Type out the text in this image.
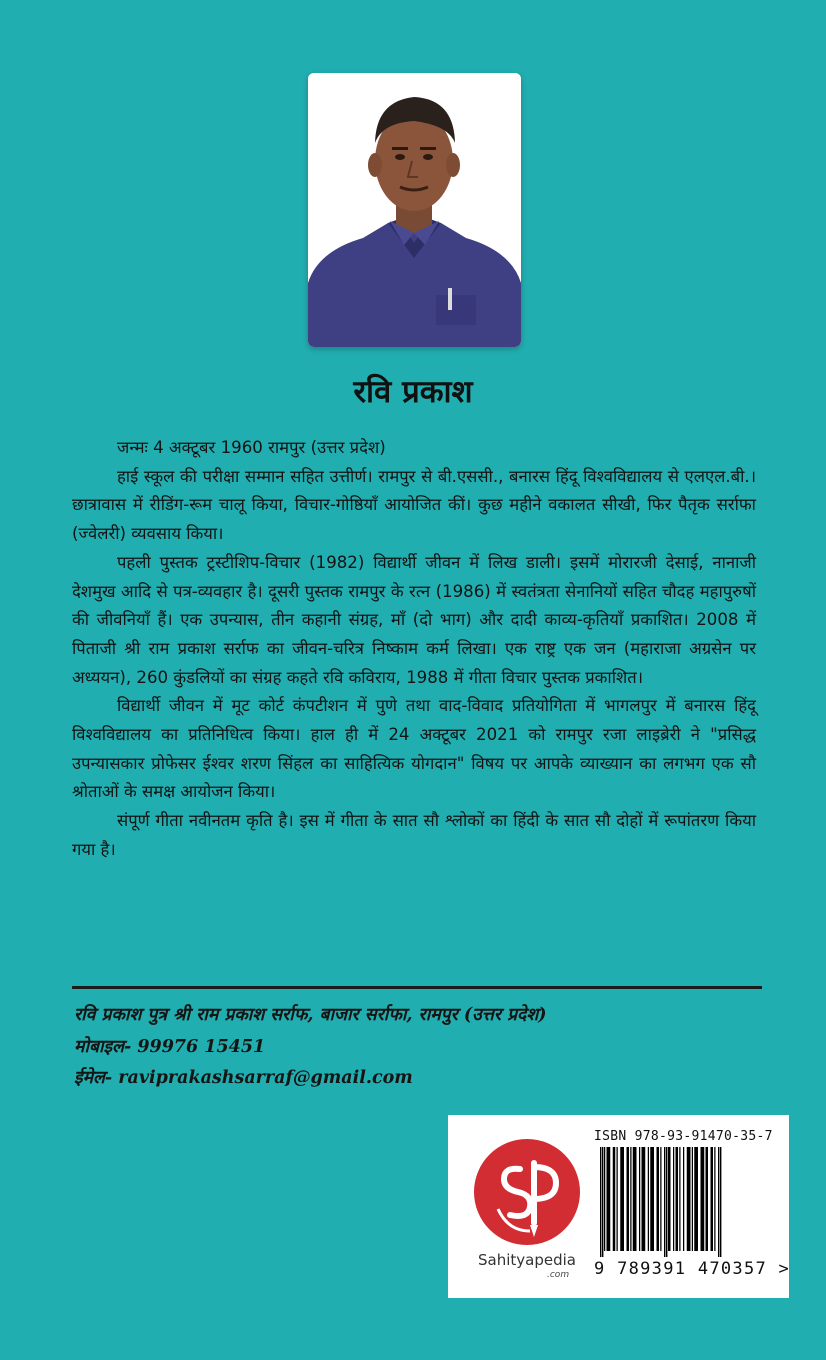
रवि प्रकाश

जन्मः 4 अक्टूबर 1960 रामपुर (उत्तर प्रदेश)

हाई स्कूल की परीक्षा सम्मान सहित उत्तीर्ण। रामपुर से बी.एससी., बनारस हिंदू विश्वविद्यालय से एलएल.बी.। छात्रावास में रीडिंग-रूम चालू किया, विचार-गोष्ठियाँ आयोजित कीं। कुछ महीने वकालत सीखी, फिर पैतृक सर्राफा (ज्वेलरी) व्यवसाय किया।

पहली पुस्तक ट्रस्टीशिप-विचार (1982) विद्यार्थी जीवन में लिख डाली। इसमें मोरारजी देसाई, नानाजी देशमुख आदि से पत्र-व्यवहार है। दूसरी पुस्तक रामपुर के रत्न (1986) में स्वतंत्रता सेनानियों सहित चौदह महापुरुषों की जीवनियाँ हैं। एक उपन्यास, तीन कहानी संग्रह, माँ (दो भाग) और दादी काव्य-कृतियाँ प्रकाशित। 2008 में पिताजी श्री राम प्रकाश सर्राफ का जीवन-चरित्र निष्काम कर्म लिखा। एक राष्ट्र एक जन (महाराजा अग्रसेन पर अध्ययन), 260 कुंडलियों का संग्रह कहते रवि कविराय, 1988 में गीता विचार पुस्तक प्रकाशित।

विद्यार्थी जीवन में मूट कोर्ट कंपटीशन में पुणे तथा वाद-विवाद प्रतियोगिता में भागलपुर में बनारस हिंदू विश्वविद्यालय का प्रतिनिधित्व किया। हाल ही में 24 अक्टूबर 2021 को रामपुर रजा लाइब्रेरी ने "प्रसिद्ध उपन्यासकार प्रोफेसर ईश्वर शरण सिंहल का साहित्यिक योगदान" विषय पर आपके व्याख्यान का लगभग एक सौ श्रोताओं के समक्ष आयोजन किया।

संपूर्ण गीता नवीनतम कृति है। इस में गीता के सात सौ श्लोकों का हिंदी के सात सौ दोहों में रूपांतरण किया गया है।

रवि प्रकाश पुत्र श्री राम प्रकाश सर्राफ, बाजार सर्राफा, रामपुर (उत्तर प्रदेश)
मोबाइल- 99976 15451
ईमेल- raviprakashsarraf@gmail.com
Sahityapedia
.com
ISBN 978-93-91470-35-7
9 789391 470357 >
